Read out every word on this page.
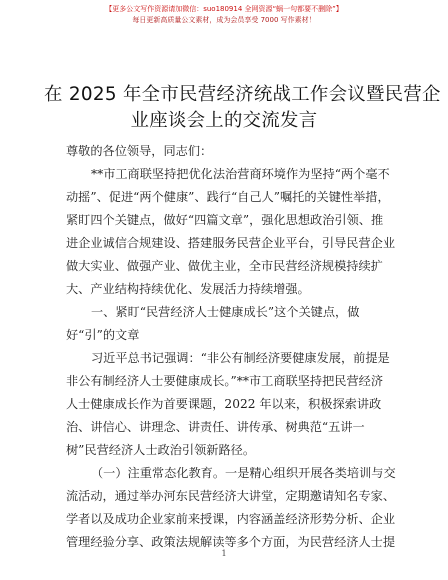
【更多公文写作资源请加微信：suo180914 全网资源“蜗一句都要不删除”】
每日更新高质量公文素材，成为会员享受 7000 写作素材！
在 2025 年全市民营经济统战工作会议暨民营企
业座谈会上的交流发言
尊敬的各位领导，同志们：
**市工商联坚持把优化法治营商环境作为坚持“两个毫不
动摇”、促进“两个健康”、践行“自己人”嘱托的关键性举措，
紧盯四个关键点，做好“四篇文章”，强化思想政治引领、推
进企业诚信合规建设、搭建服务民营企业平台，引导民营企业
做大实业、做强产业、做优主业，全市民营经济规模持续扩
大、产业结构持续优化、发展活力持续增强。
一、紧盯“民营经济人士健康成长”这个关键点，做
好“引”的文章
习近平总书记强调：“非公有制经济要健康发展，前提是
非公有制经济人士要健康成长。”**市工商联坚持把民营经济
人士健康成长作为首要课题，2022 年以来，积极探索讲政
治、讲信心、讲理念、讲责任、讲传承、树典范“五讲一
树”民营经济人士政治引领新路径。
（一）注重常态化教育。一是精心组织开展各类培训与交
流活动，通过举办河东民营经济大讲堂，定期邀请知名专家、
学者以及成功企业家前来授课，内容涵盖经济形势分析、企业
管理经验分享、政策法规解读等多个方面，为民营经济人士提
1
